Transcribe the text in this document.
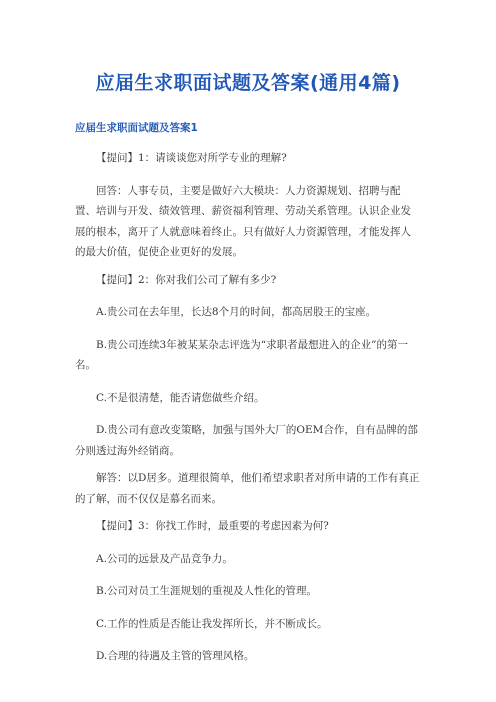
应届生求职面试题及答案(通用4篇)
应届生求职面试题及答案1

【提问】1：请谈谈您对所学专业的理解?

回答：人事专员，主要是做好六大模块：人力资源规划、招聘与配置、培训与开发、绩效管理、薪资福利管理、劳动关系管理。认识企业发展的根本，离开了人就意味着终止。只有做好人力资源管理，才能发挥人的最大价值，促使企业更好的发展。

【提问】2：你对我们公司了解有多少?

A.贵公司在去年里，长达8个月的时间，都高居股王的宝座。

B.贵公司连续3年被某某杂志评选为“求职者最想进入的企业”的第一名。

C.不是很清楚，能否请您做些介绍。

D.贵公司有意改变策略，加强与国外大厂的OEM合作，自有品牌的部分则透过海外经销商。

解答：以D居多。道理很简单，他们希望求职者对所申请的工作有真正的了解，而不仅仅是慕名而来。

【提问】3：你找工作时，最重要的考虑因素为何?

A.公司的远景及产品竞争力。

B.公司对员工生涯规划的重视及人性化的管理。

C.工作的性质是否能让我发挥所长，并不断成长。

D.合理的待遇及主管的管理风格。
